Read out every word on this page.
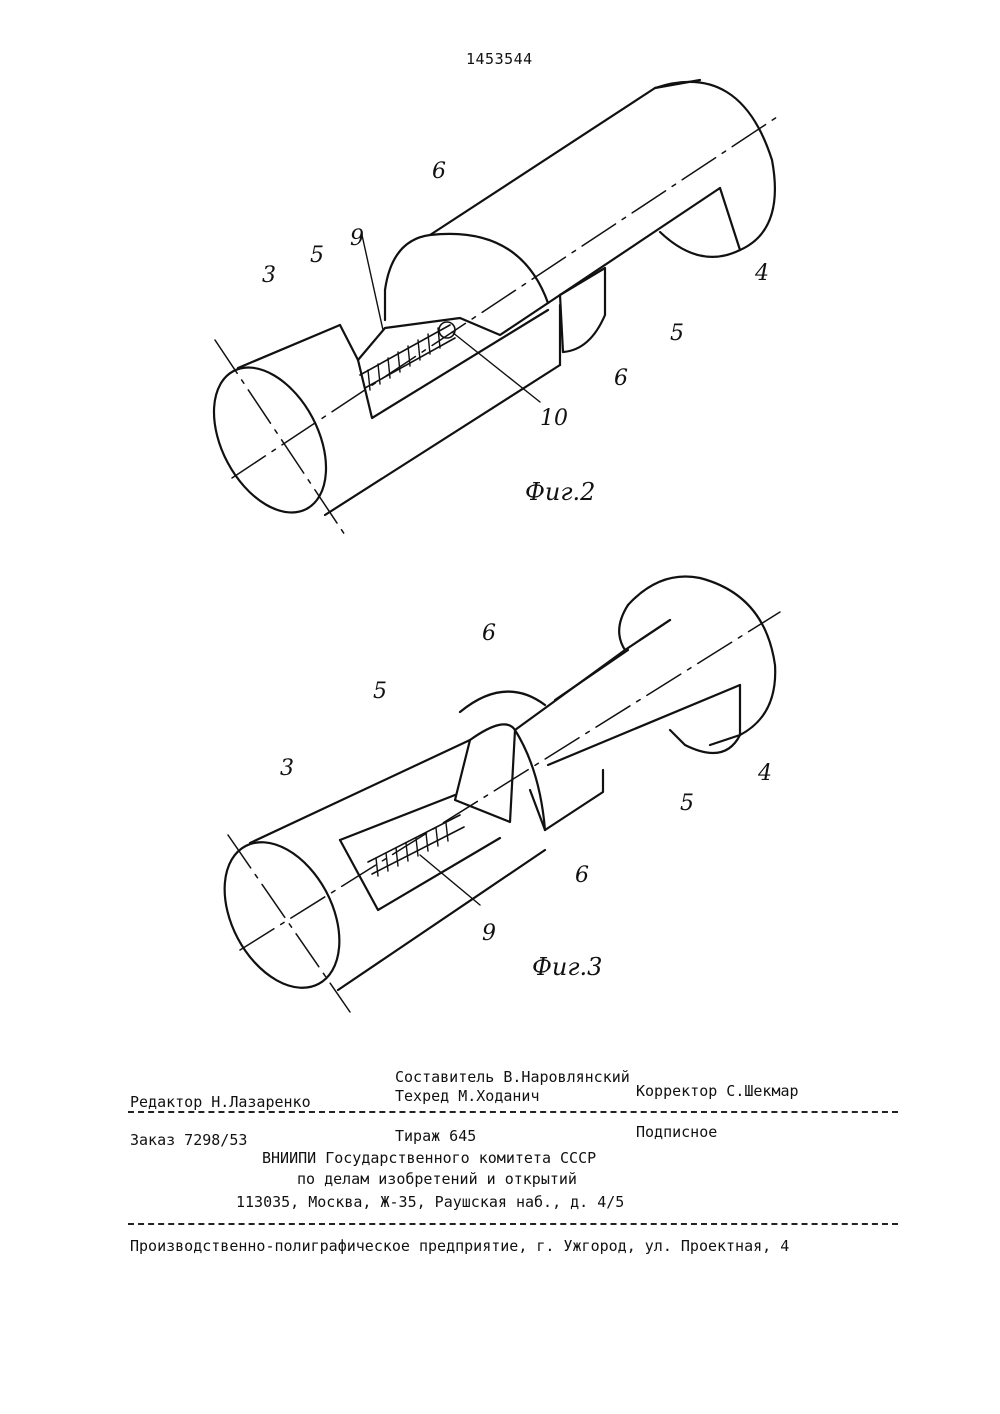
1453544
3
5
9
6
4
5
6
10
Фиг.2
3
5
6
4
5
6
9
Фиг.3
Составитель В.Наровлянский
Редактор Н.Лазаренко	Техред М.Ходанич	Корректор С.Шекмар
Заказ 7298/53	Тираж 645	Подписное
ВНИИПИ Государственного комитета СССР
по делам изобретений и открытий
113035, Москва, Ж-35, Раушская наб., д. 4/5
Производственно-полиграфическое предприятие, г. Ужгород, ул. Проектная, 4
